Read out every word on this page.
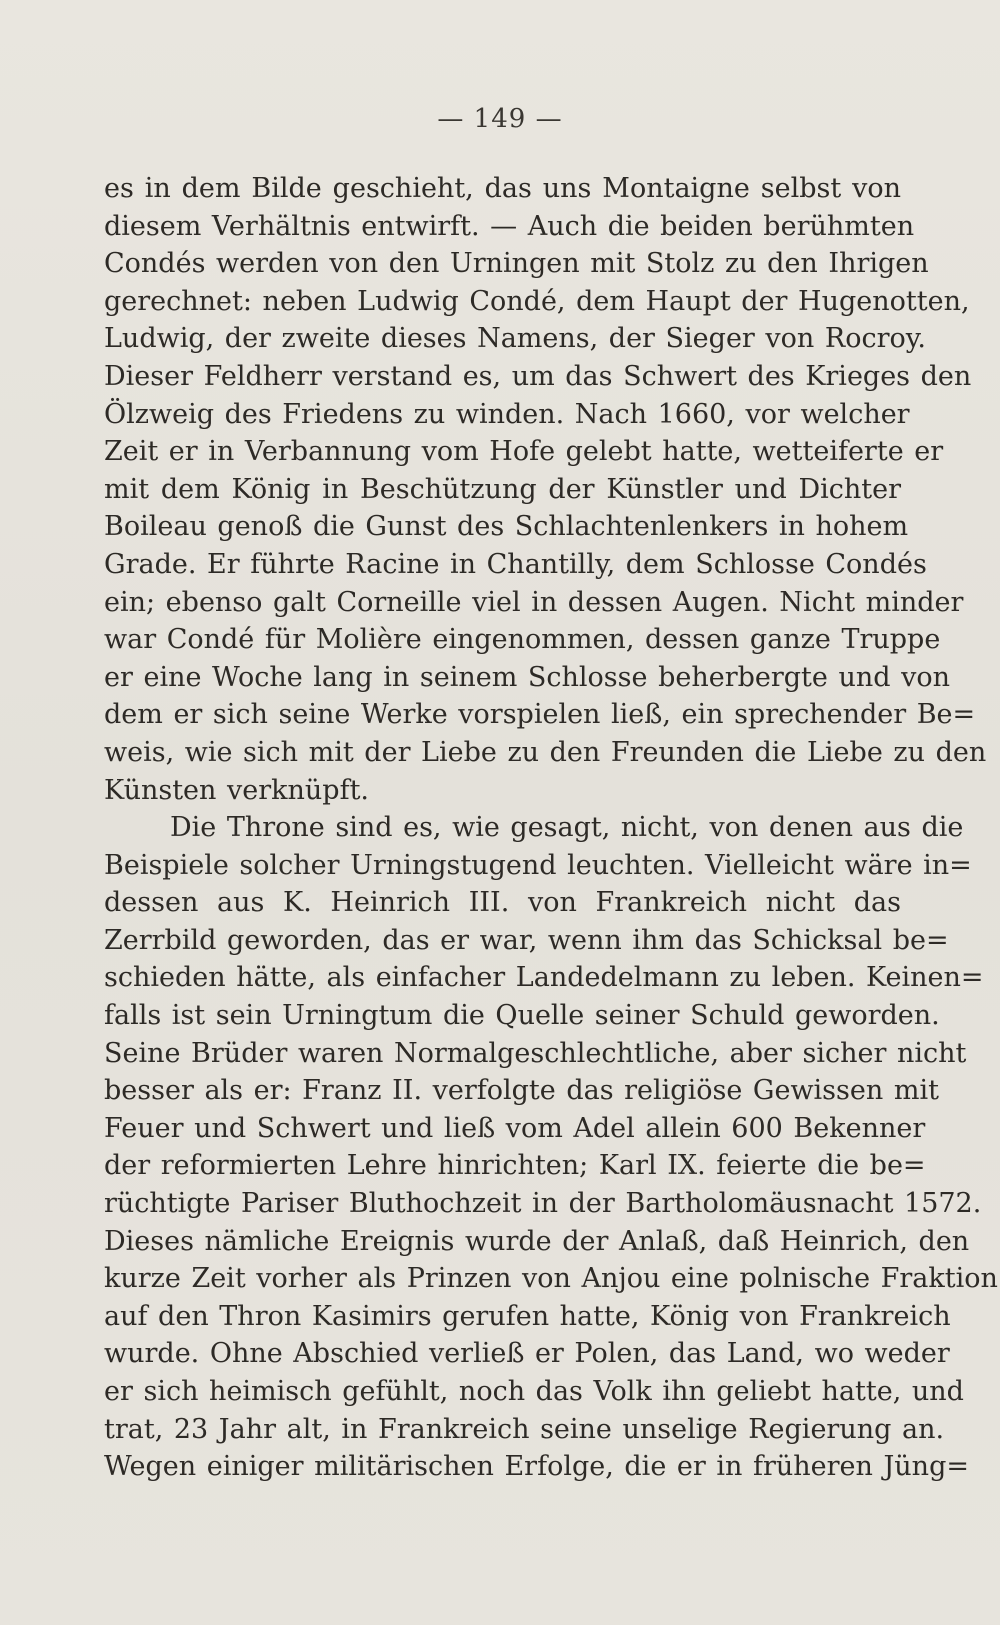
— 149 —
es in dem Bilde geschieht, das uns Montaigne selbst von
diesem Verhältnis entwirft. — Auch die beiden berühmten
Condés werden von den Urningen mit Stolz zu den Ihrigen
gerechnet: neben Ludwig Condé, dem Haupt der Hugenotten,
Ludwig, der zweite dieses Namens, der Sieger von Rocroy.
Dieser Feldherr verstand es, um das Schwert des Krieges den
Ölzweig des Friedens zu winden. Nach 1660, vor welcher
Zeit er in Verbannung vom Hofe gelebt hatte, wetteiferte er
mit dem König in Beschützung der Künstler und Dichter
Boileau genoß die Gunst des Schlachtenlenkers in hohem
Grade. Er führte Racine in Chantilly, dem Schlosse Condés
ein; ebenso galt Corneille viel in dessen Augen. Nicht minder
war Condé für Molière eingenommen, dessen ganze Truppe
er eine Woche lang in seinem Schlosse beherbergte und von
dem er sich seine Werke vorspielen ließ, ein sprechender Be=
weis, wie sich mit der Liebe zu den Freunden die Liebe zu den
Künsten verknüpft.
Die Throne sind es, wie gesagt, nicht, von denen aus die
Beispiele solcher Urningstugend leuchten. Vielleicht wäre in=
dessen aus K. Heinrich III. von Frankreich nicht das
Zerrbild geworden, das er war, wenn ihm das Schicksal be=
schieden hätte, als einfacher Landedelmann zu leben. Keinen=
falls ist sein Urningtum die Quelle seiner Schuld geworden.
Seine Brüder waren Normalgeschlechtliche, aber sicher nicht
besser als er: Franz II. verfolgte das religiöse Gewissen mit
Feuer und Schwert und ließ vom Adel allein 600 Bekenner
der reformierten Lehre hinrichten; Karl IX. feierte die be=
rüchtigte Pariser Bluthochzeit in der Bartholomäusnacht 1572.
Dieses nämliche Ereignis wurde der Anlaß, daß Heinrich, den
kurze Zeit vorher als Prinzen von Anjou eine polnische Fraktion
auf den Thron Kasimirs gerufen hatte, König von Frankreich
wurde. Ohne Abschied verließ er Polen, das Land, wo weder
er sich heimisch gefühlt, noch das Volk ihn geliebt hatte, und
trat, 23 Jahr alt, in Frankreich seine unselige Regierung an.
Wegen einiger militärischen Erfolge, die er in früheren Jüng=
